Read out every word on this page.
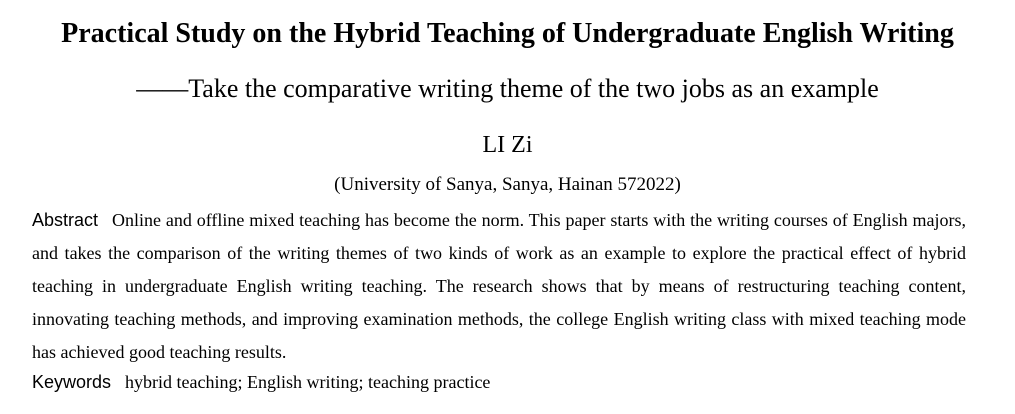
Practical Study on the Hybrid Teaching of Undergraduate English Writing
——Take the comparative writing theme of the two jobs as an example
LI Zi
(University of Sanya, Sanya, Hainan 572022)
Abstract Online and offline mixed teaching has become the norm. This paper starts with the writing courses of English majors, and takes the comparison of the writing themes of two kinds of work as an example to explore the practical effect of hybrid teaching in undergraduate English writing teaching. The research shows that by means of restructuring teaching content, innovating teaching methods, and improving examination methods, the college English writing class with mixed teaching mode has achieved good teaching results.
Keywords hybrid teaching; English writing; teaching practice
